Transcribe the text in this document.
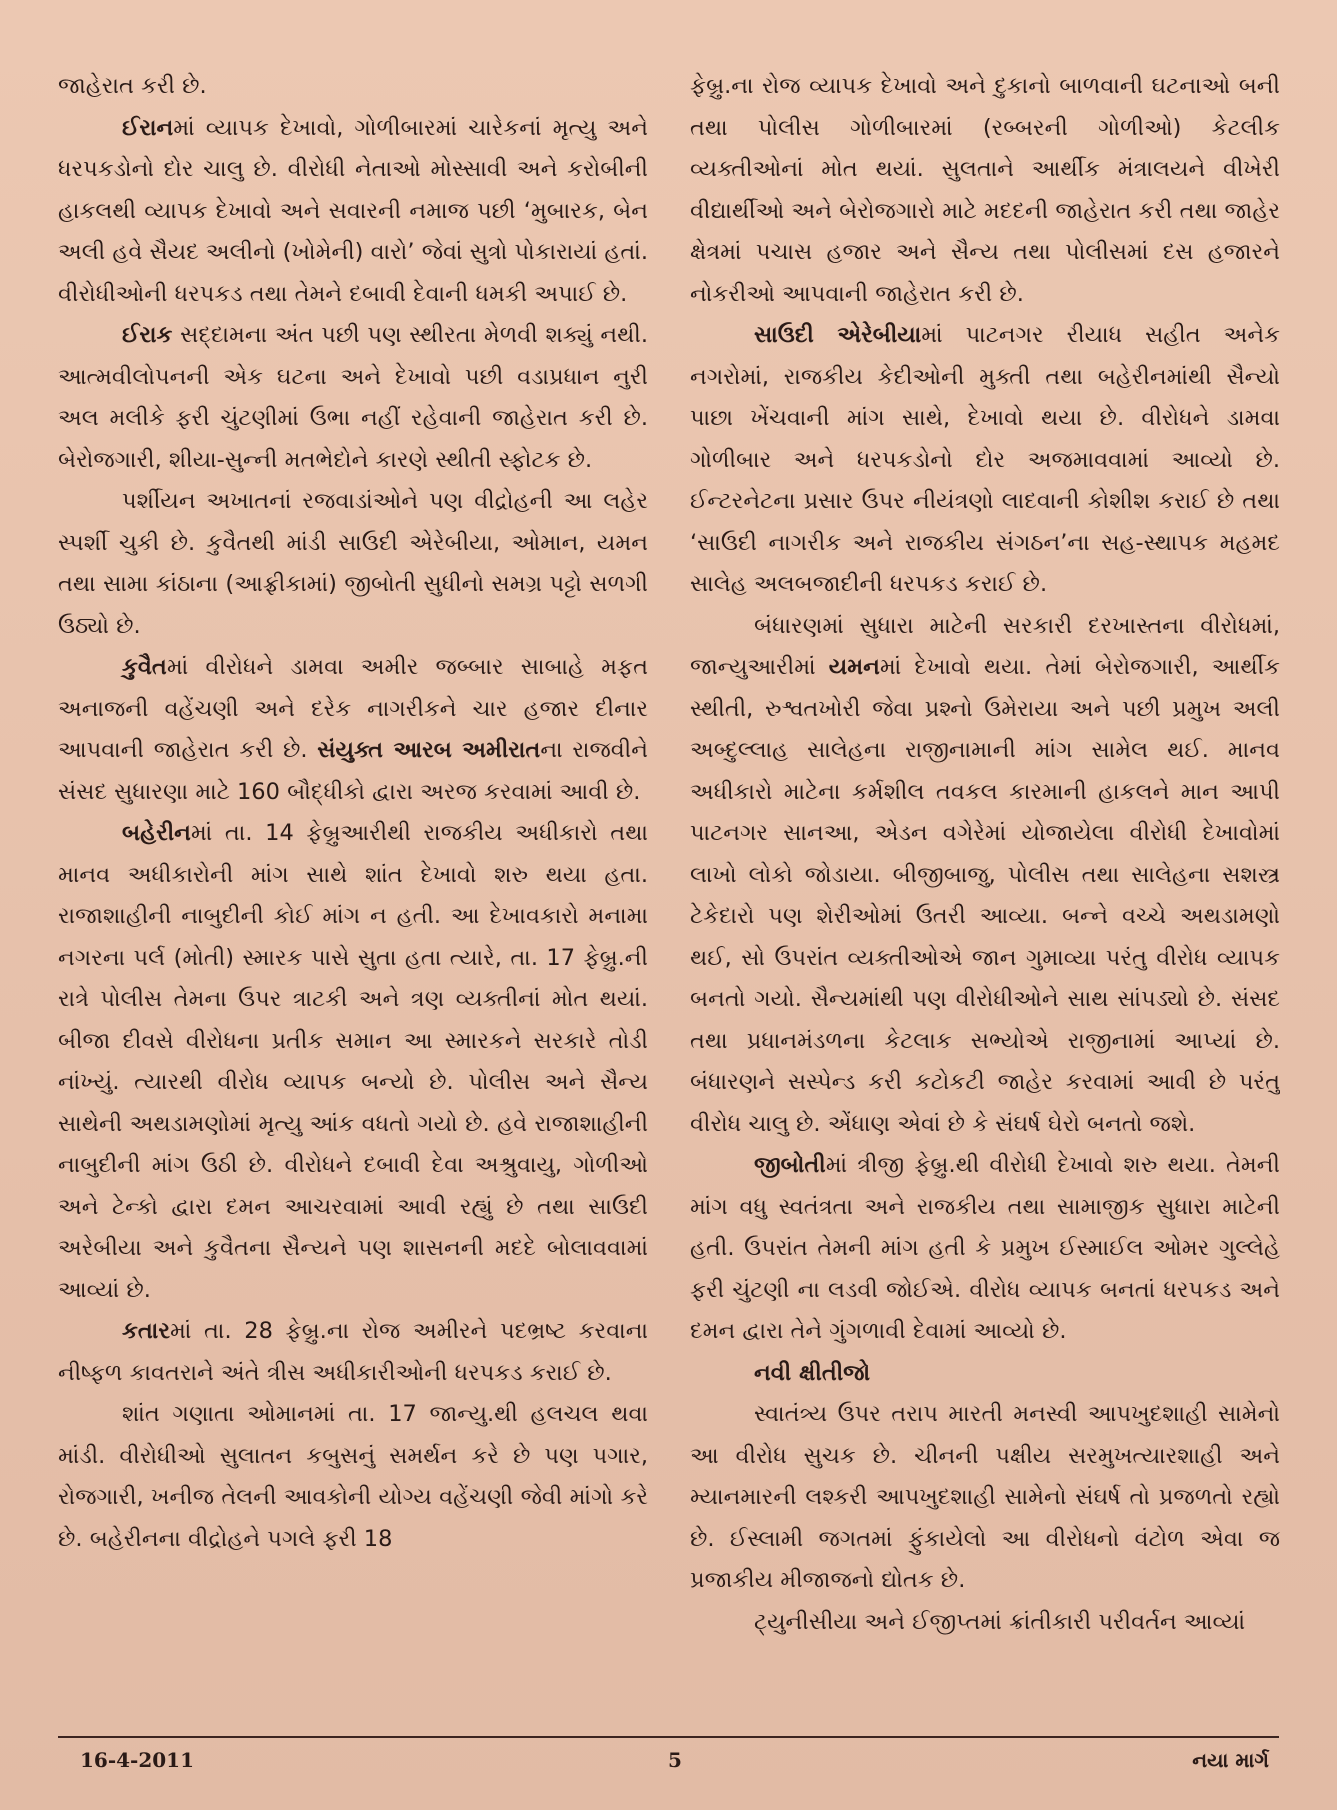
જાહેરાત કરી છે.

ઈરાનમાં વ્યાપક દેખાવો, ગોળીબારમાં ચારેકનાં મૃત્યુ અને ધરપકડોનો દોર ચાલુ છે. વીરોધી નેતાઓ મોસ્સાવી અને કરોબીની હાકલથી વ્યાપક દેખાવો અને સવારની નમાજ પછી ‘મુબારક, બેન અલી હવે સૈયદ અલીનો (ખોમેની) વારો’ જેવાં સુત્રો પોકારાયાં હતાં. વીરોધીઓની ધરપકડ તથા તેમને દબાવી દેવાની ધમકી અપાઈ છે.

ઈરાક સદ્દામના અંત પછી પણ સ્થીરતા મેળવી શક્યું નથી. આત્મવીલોપનની એક ઘટના અને દેખાવો પછી વડાપ્રધાન નુરી અલ મલીકે ફરી ચુંટણીમાં ઉભા નહીં રહેવાની જાહેરાત કરી છે. બેરોજગારી, શીયા-સુન્ની મતભેદોને કારણે સ્થીતી સ્ફોટક છે.

પર્શીયન અખાતનાં રજવાડાંઓને પણ વીદ્રોહની આ લહેર સ્પર્શી ચુકી છે. કુવૈતથી માંડી સાઉદી એરેબીયા, ઓમાન, યમન તથા સામા કાંઠાના (આફ્રીકામાં) જીબોતી સુધીનો સમગ્ર પટ્ટો સળગી ઉઠ્યો છે.

કુવૈતમાં વીરોધને ડામવા અમીર જબ્બાર સાબાહે મફત અનાજની વહેંચણી અને દરેક નાગરીકને ચાર હજાર દીનાર આપવાની જાહેરાત કરી છે. સંયુક્ત આરબ અમીરાતના રાજવીને સંસદ સુધારણા માટે 160 બૌદ્ધીકો દ્વારા અરજ કરવામાં આવી છે.

બહેરીનમાં તા. 14 ફેબ્રુઆરીથી રાજકીય અધીકારો તથા માનવ અધીકારોની માંગ સાથે શાંત દેખાવો શરુ થયા હતા. રાજાશાહીની નાબુદીની કોઈ માંગ ન હતી. આ દેખાવકારો મનામા નગરના પર્લ (મોતી) સ્મારક પાસે સુતા હતા ત્યારે, તા. 17 ફેબ્રુ.ની રાત્રે પોલીસ તેમના ઉપર ત્રાટકી અને ત્રણ વ્યક્તીનાં મોત થયાં. બીજા દીવસે વીરોધના પ્રતીક સમાન આ સ્મારકને સરકારે તોડી નાંખ્યું. ત્યારથી વીરોધ વ્યાપક બન્યો છે. પોલીસ અને સૈન્ય સાથેની અથડામણોમાં મૃત્યુ આંક વધતો ગયો છે. હવે રાજાશાહીની નાબુદીની માંગ ઉઠી છે. વીરોધને દબાવી દેવા અશ્રુવાયુ, ગોળીઓ અને ટેન્કો દ્વારા દમન આચરવામાં આવી રહ્યું છે તથા સાઉદી અરેબીયા અને કુવૈતના સૈન્યને પણ શાસનની મદદે બોલાવવામાં આવ્યાં છે.

કતારમાં તા. 28 ફેબ્રુ.ના રોજ અમીરને પદભ્રષ્ટ કરવાના નીષ્ફળ કાવતરાને અંતે ત્રીસ અધીકારીઓની ધરપકડ કરાઈ છે.

શાંત ગણાતા ઓમાનમાં તા. 17 જાન્યુ.થી હલચલ થવા માંડી. વીરોધીઓ સુલાતન કબુસનું સમર્થન કરે છે પણ પગાર, રોજગારી, ખનીજ તેલની આવકોની યોગ્ય વહેંચણી જેવી માંગો કરે છે. બહેરીનના વીદ્રોહને પગલે ફરી 18

ફેબ્રુ.ના રોજ વ્યાપક દેખાવો અને દુકાનો બાળવાની ઘટનાઓ બની તથા પોલીસ ગોળીબારમાં (રબ્બરની ગોળીઓ) કેટલીક વ્યક્તીઓનાં મોત થયાં. સુલતાને આર્થીક મંત્રાલયને વીખેરી વીદ્યાર્થીઓ અને બેરોજગારો માટે મદદની જાહેરાત કરી તથા જાહેર ક્ષેત્રમાં પચાસ હજાર અને સૈન્ય તથા પોલીસમાં દસ હજારને નોકરીઓ આપવાની જાહેરાત કરી છે.

સાઉદી એરેબીયામાં પાટનગર રીયાધ સહીત અનેક નગરોમાં, રાજકીય કેદીઓની મુક્તી તથા બહેરીનમાંથી સૈન્યો પાછા ખેંચવાની માંગ સાથે, દેખાવો થયા છે. વીરોધને ડામવા ગોળીબાર અને ધરપકડોનો દોર અજમાવવામાં આવ્યો છે. ઈન્ટરનેટના પ્રસાર ઉપર નીયંત્રણો લાદવાની કોશીશ કરાઈ છે તથા ‘સાઉદી નાગરીક અને રાજકીય સંગઠન’ના સહ-સ્થાપક મહમદ સાલેહ અલબજાદીની ધરપકડ કરાઈ છે.

બંધારણમાં સુધારા માટેની સરકારી દરખાસ્તના વીરોધમાં, જાન્યુઆરીમાં યમનમાં દેખાવો થયા. તેમાં બેરોજગારી, આર્થીક સ્થીતી, રુશ્વતખોરી જેવા પ્રશ્નો ઉમેરાયા અને પછી પ્રમુખ અલી અબ્દુલ્લાહ સાલેહના રાજીનામાની માંગ સામેલ થઈ. માનવ અધીકારો માટેના કર્મશીલ તવકલ કારમાની હાકલને માન આપી પાટનગર સાનઆ, એડન વગેરેમાં યોજાયેલા વીરોધી દેખાવોમાં લાખો લોકો જોડાયા. બીજીબાજુ, પોલીસ તથા સાલેહના સશસ્ત્ર ટેકેદારો પણ શેરીઓમાં ઉતરી આવ્યા. બન્ને વચ્ચે અથડામણો થઈ, સો ઉપરાંત વ્યક્તીઓએ જાન ગુમાવ્યા પરંતુ વીરોધ વ્યાપક બનતો ગયો. સૈન્યમાંથી પણ વીરોધીઓને સાથ સાંપડ્યો છે. સંસદ તથા પ્રધાનમંડળના કેટલાક સભ્યોએ રાજીનામાં આપ્યાં છે. બંધારણને સસ્પેન્ડ કરી કટોકટી જાહેર કરવામાં આવી છે પરંતુ વીરોધ ચાલુ છે. એંધાણ એવાં છે કે સંઘર્ષ ઘેરો બનતો જશે.

જીબોતીમાં ત્રીજી ફેબ્રુ.થી વીરોધી દેખાવો શરુ થયા. તેમની માંગ વધુ સ્વતંત્રતા અને રાજકીય તથા સામાજીક સુધારા માટેની હતી. ઉપરાંત તેમની માંગ હતી કે પ્રમુખ ઈસ્માઈલ ઓમર ગુલ્લેહે ફરી ચુંટણી ના લડવી જોઈએ. વીરોધ વ્યાપક બનતાં ધરપકડ અને દમન દ્વારા તેને ગુંગળાવી દેવામાં આવ્યો છે.

નવી ક્ષીતીજો

સ્વાતંત્ર્ય ઉપર તરાપ મારતી મનસ્વી આપખુદશાહી સામેનો આ વીરોધ સુચક છે. ચીનની પક્ષીય સરમુખત્યારશાહી અને મ્યાનમારની લશ્કરી આપખુદશાહી સામેનો સંઘર્ષ તો પ્રજળતો રહ્યો છે. ઈસ્લામી જગતમાં ફુંકાયેલો આ વીરોધનો વંટોળ એવા જ પ્રજાકીય મીજાજનો દ્યોતક છે.

ટ્યુનીસીયા અને ઈજીપ્તમાં ક્રાંતીકારી પરીવર્તન આવ્યાં

16-4-2011	5	નયા માર્ગ
